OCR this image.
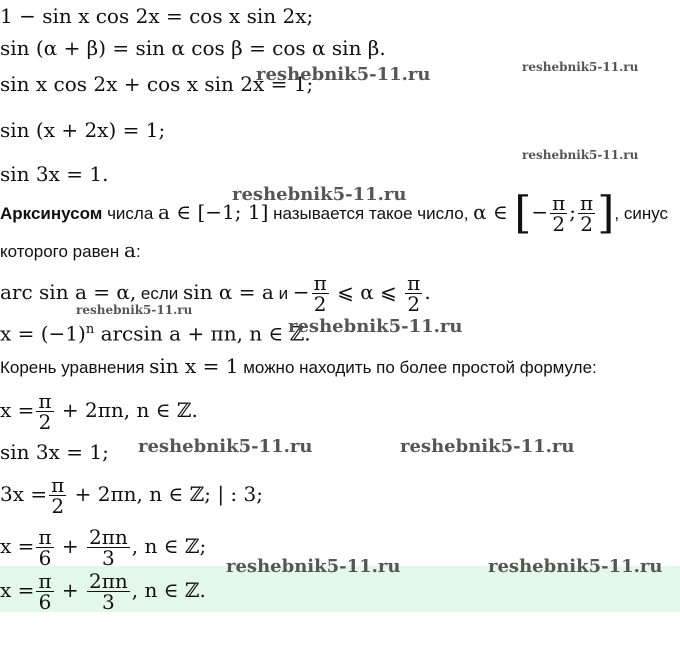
1 − sin x cos 2x = cos x sin 2x;
sin (α + β) = sin α cos β = cos α sin β.
sin x cos 2x + cos x sin 2x = 1;
sin (x + 2x) = 1;
sin 3x = 1.
Арксинусом числа a ∈ [−1; 1] называется такое число, α ∈ [− $\frac{\pi}{2}$ ; $\frac{\pi}{2}$ ], синус
которого равен a:
arc sin a = α, если sin α = a $и - \frac{\pi}{2}$ ⩽ α ⩽ $\frac{\pi}{2}$ .
$x = (-1)^n$ arcsin a + πn, n ∈ ℤ.
Корень уравнения sin x = 1 можно находить по более простой формуле:
$x = \frac{\pi}{2} + 2\pi n$, n ∈ ℤ.
sin 3x = 1;
$3x = \frac{\pi}{2} + 2\pi n$, n ∈ ℤ; | : 3;
$x = \frac{\pi}{6} + \frac{2\pi n}{3}$ , n ∈ ℤ;
$x = \frac{\pi}{6} + \frac{2\pi n}{3}$ , n ∈ ℤ.
reshebnik5-11.ru	reshebnik5-11.ru
reshebnik5-11.ru
reshebnik5-11.ru
reshebnik5-11.ru
reshebnik5-11.ru
reshebnik5-11.ru	reshebnik5-11.ru
reshebnik5-11.ru	reshebnik5-11.ru
